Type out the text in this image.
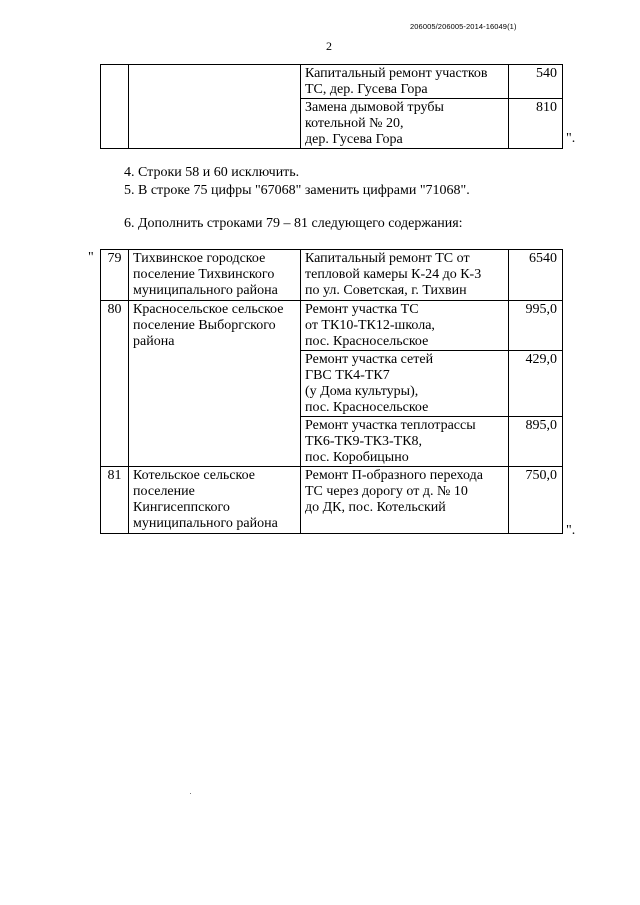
206005/206005-2014-16049(1)
2
		Капитальный ремонт участков
ТС, дер. Гусева Гора	540
		Замена дымовой трубы
котельной № 20,
дер. Гусева Гора	810
".
4. Строки 58 и 60 исключить.
5. В строке 75 цифры "67068" заменить цифрами "71068".
6. Дополнить строками 79 – 81 следующего содержания:
" 79	Тихвинское городское
поселение Тихвинского
муниципального района	Капитальный ремонт ТС от
тепловой камеры К-24 до К-3
по ул. Советская, г. Тихвин	6540
80	Красносельское сельское
поселение Выборгского
района	Ремонт участка ТС
от ТК10-ТК12-школа,
пос. Красносельское	995,0
		Ремонт участка сетей
ГВС ТК4-ТК7
(у Дома культуры),
пос. Красносельское	429,0
		Ремонт участка теплотрассы
ТК6-ТК9-ТК3-ТК8,
пос. Коробицыно	895,0
81	Котельское сельское
поселение
Кингисеппского
муниципального района	Ремонт П-образного перехода
ТС через дорогу от д. № 10
до ДК, пос. Котельский	750,0
".
